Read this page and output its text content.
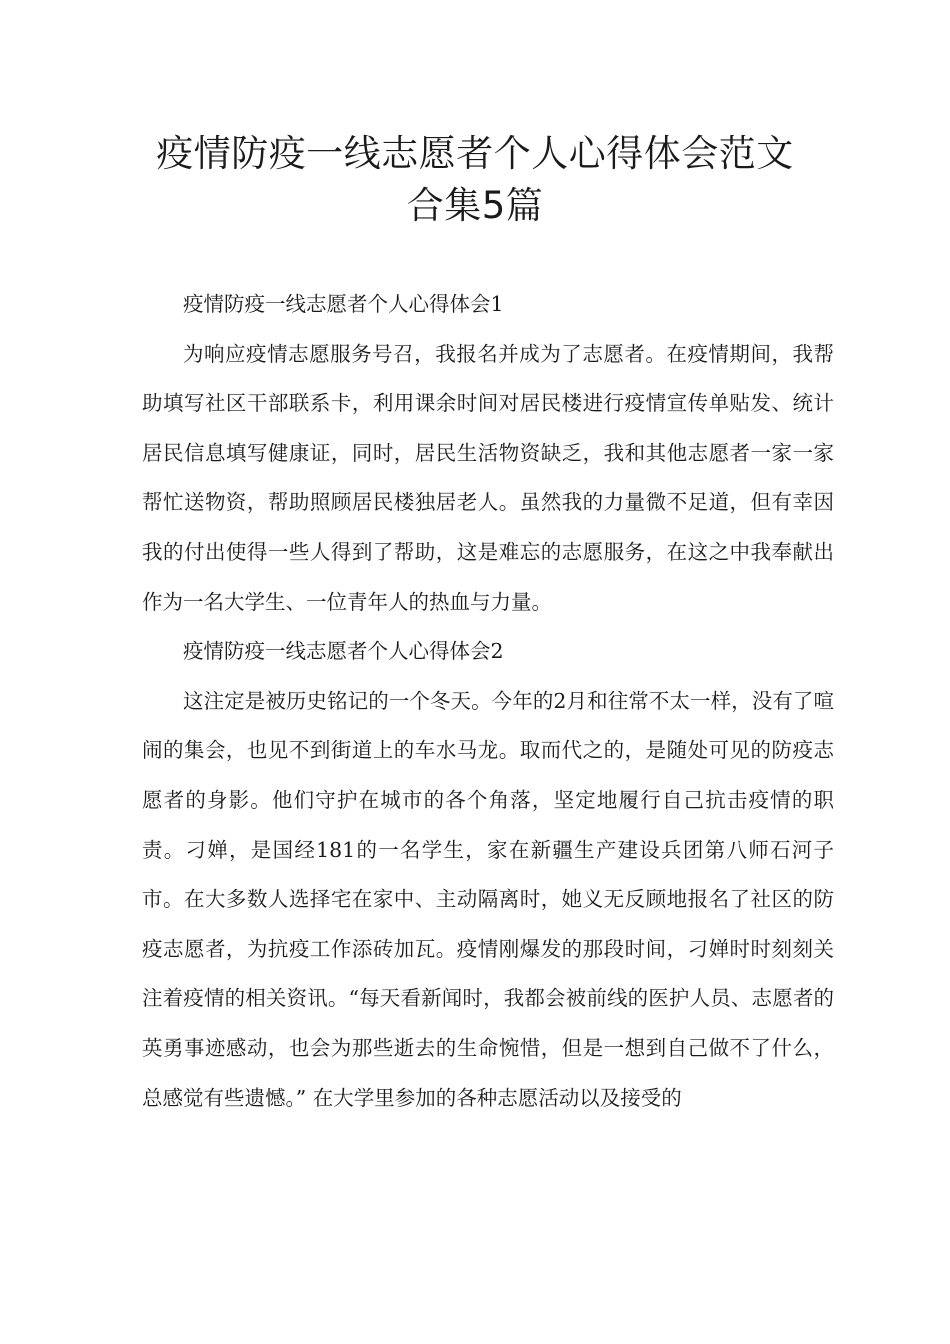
疫情防疫一线志愿者个人心得体会范文
合集5篇

疫情防疫一线志愿者个人心得体会1

为响应疫情志愿服务号召，我报名并成为了志愿者。在疫情期间，我帮助填写社区干部联系卡，利用课余时间对居民楼进行疫情宣传单贴发、统计居民信息填写健康证，同时，居民生活物资缺乏，我和其他志愿者一家一家帮忙送物资，帮助照顾居民楼独居老人。虽然我的力量微不足道，但有幸因我的付出使得一些人得到了帮助，这是难忘的志愿服务，在这之中我奉献出作为一名大学生、一位青年人的热血与力量。

疫情防疫一线志愿者个人心得体会2

这注定是被历史铭记的一个冬天。今年的2月和往常不太一样，没有了喧闹的集会，也见不到街道上的车水马龙。取而代之的，是随处可见的防疫志愿者的身影。他们守护在城市的各个角落，坚定地履行自己抗击疫情的职责。刁婵，是国经181的一名学生，家在新疆生产建设兵团第八师石河子市。在大多数人选择宅在家中、主动隔离时，她义无反顾地报名了社区的防疫志愿者，为抗疫工作添砖加瓦。疫情刚爆发的那段时间，刁婵时时刻刻关注着疫情的相关资讯。“每天看新闻时，我都会被前线的医护人员、志愿者的英勇事迹感动，也会为那些逝去的生命惋惜，但是一想到自己做不了什么，总感觉有些遗憾。” 在大学里参加的各种志愿活动以及接受的
